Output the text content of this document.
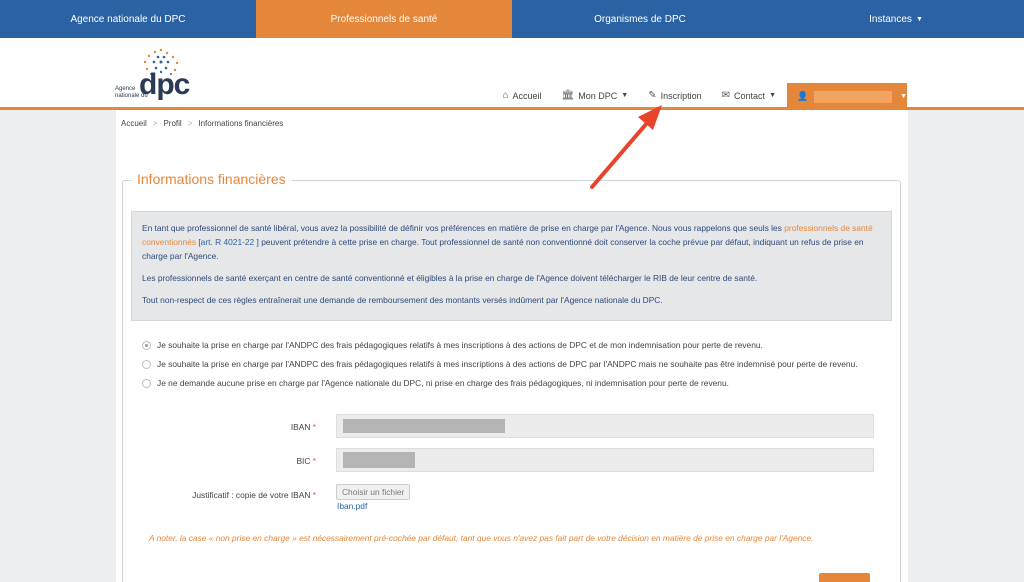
Agence nationale du DPC	Professionnels de santé	Organismes de DPC	Instances ▼
Agence
nationale du
dpc	⌂ Accueil 🏛 Mon DPC ▼ ✎ Inscription ✉ Contact ▼ 👤	▼
Accueil > Profil > Informations financières
Informations financières

En tant que professionnel de santé libéral, vous avez la possibilité de définir vos préférences en matière de prise en charge par l'Agence. Nous vous rappelons que seuls les professionnels de santé conventionnés [art. R 4021-22 ] peuvent prétendre à cette prise en charge. Tout professionnel de santé non conventionné doit conserver la coche prévue par défaut, indiquant un refus de prise en charge par l'Agence.

Les professionnels de santé exerçant en centre de santé conventionné et éligibles à la prise en charge de l'Agence doivent télécharger le RIB de leur centre de santé.

Tout non-respect de ces règles entraînerait une demande de remboursement des montants versés indûment par l'Agence nationale du DPC.

Je souhaite la prise en charge par l'ANDPC des frais pédagogiques relatifs à mes inscriptions à des actions de DPC et de mon indemnisation pour perte de revenu.
Je souhaite la prise en charge par l'ANDPC des frais pédagogiques relatifs à mes inscriptions à des actions de DPC par l'ANDPC mais ne souhaite pas être indemnisé pour perte de revenu.
Je ne demande aucune prise en charge par l'Agence nationale du DPC, ni prise en charge des frais pédagogiques, ni indemnisation pour perte de revenu.
IBAN *
BIC *
Justificatif : copie de votre IBAN *	Choisir un fichier
Iban.pdf
A noter, la case « non prise en charge » est nécessairement pré-cochée par défaut, tant que vous n'avez pas fait part de votre décision en matière de prise en charge par l'Agence.
